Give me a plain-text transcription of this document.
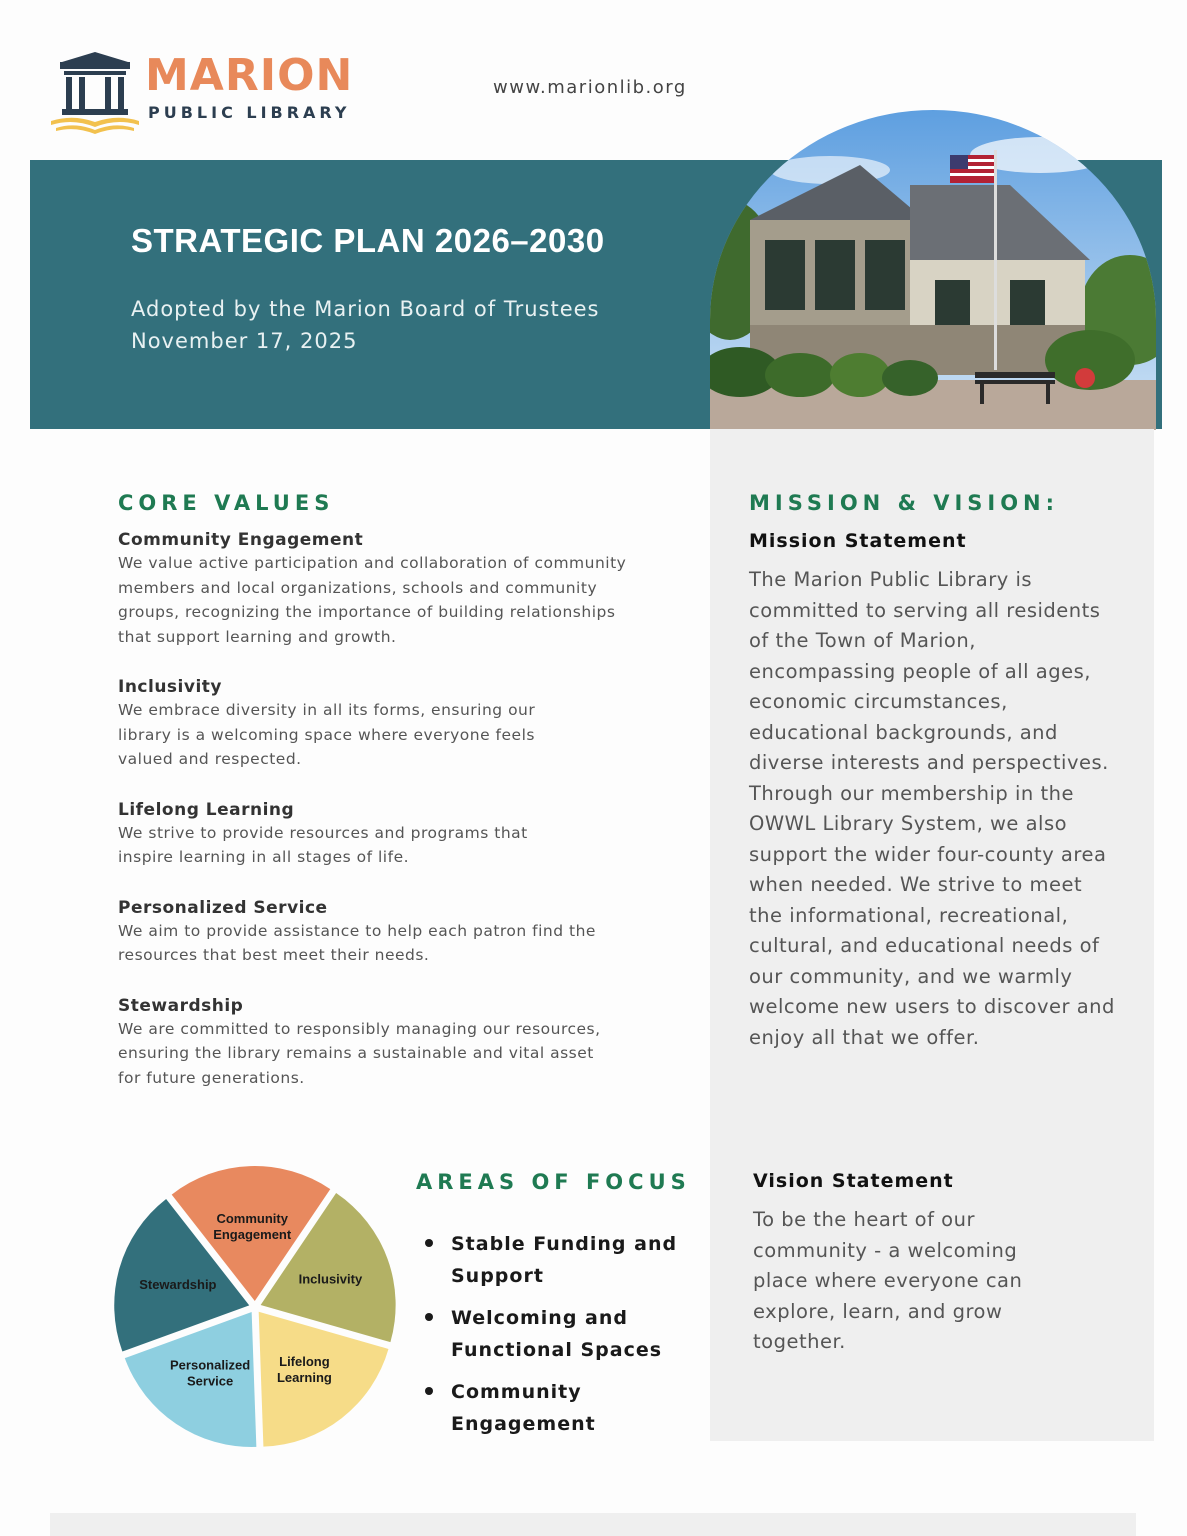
MARION
PUBLIC LIBRARY
www.marionlib.org
STRATEGIC PLAN 2026–2030
Adopted by the Marion Board of Trustees
November 17, 2025
MISSION & VISION:
Mission Statement
The Marion Public Library is committed to serving all residents of the Town of Marion, encompassing people of all ages, economic circumstances, educational backgrounds, and diverse interests and perspectives. Through our membership in the OWWL Library System, we also support the wider four-county area when needed. We strive to meet the informational, recreational, cultural, and educational needs of our community, and we warmly welcome new users to discover and enjoy all that we offer.
Vision Statement
To be the heart of our community - a welcoming place where everyone can explore, learn, and grow together.
CORE VALUES
Community Engagement
We value active participation and collaboration of community members and local organizations, schools and community groups, recognizing the importance of building relationships that support learning and growth.
Inclusivity
We embrace diversity in all its forms, ensuring our library is a welcoming space where everyone feels valued and respected.
Lifelong Learning
We strive to provide resources and programs that inspire learning in all stages of life.
Personalized Service
We aim to provide assistance to help each patron find the resources that best meet their needs.
Stewardship
We are committed to responsibly managing our resources, ensuring the library remains a sustainable and vital asset for future generations.
Community Engagement
Inclusivity
Lifelong Learning
Personalized Service
Stewardship
AREAS OF FOCUS
Stable Funding and Support
Welcoming and Functional Spaces
Community Engagement
